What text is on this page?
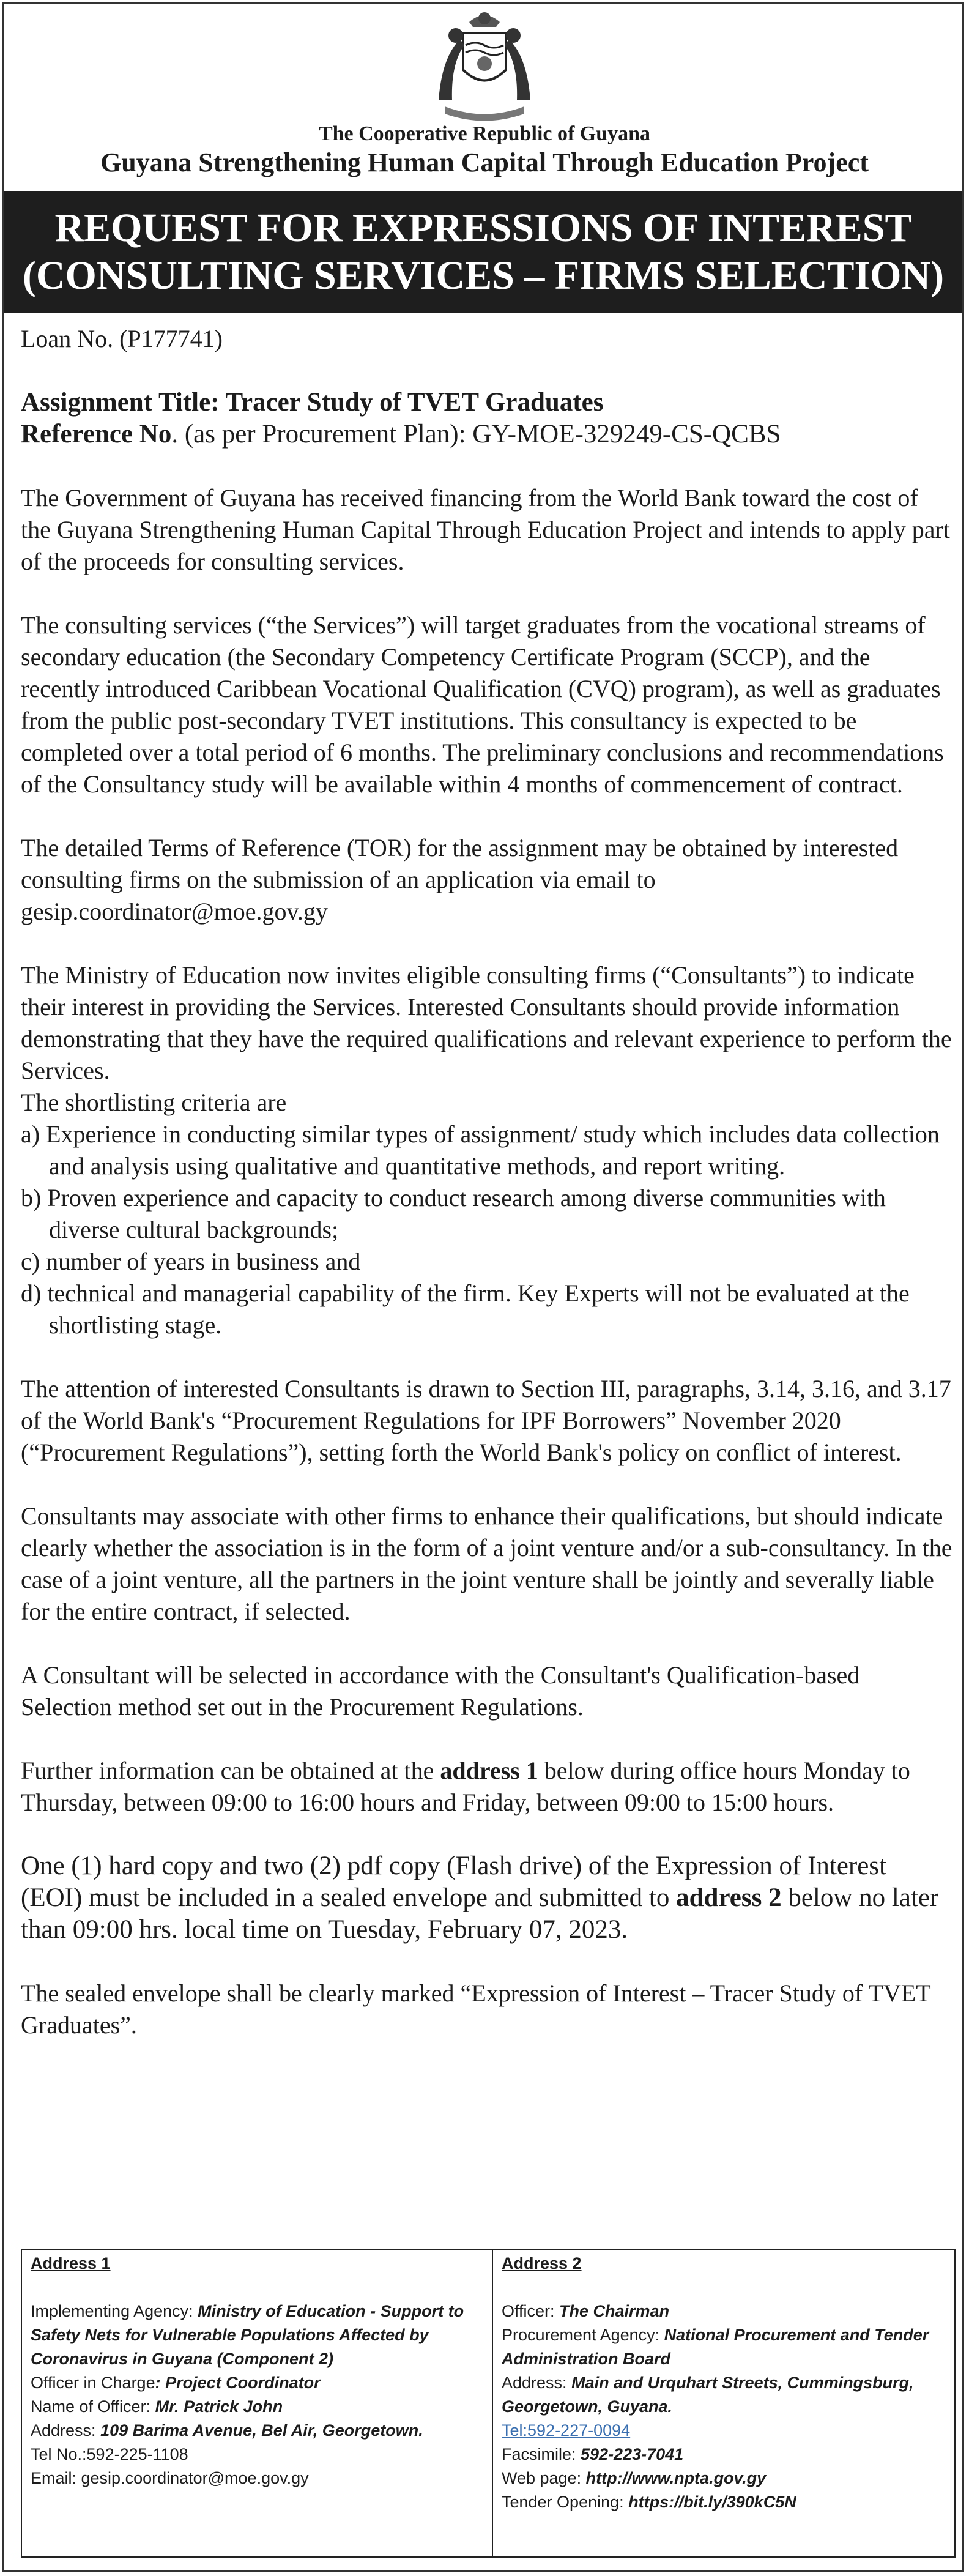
The Cooperative Republic of Guyana
Guyana Strengthening Human Capital Through Education Project
REQUEST FOR EXPRESSIONS OF INTEREST
(CONSULTING SERVICES – FIRMS SELECTION)

Loan No. (P177741)

Assignment Title: Tracer Study of TVET Graduates

Reference No. (as per Procurement Plan): GY-MOE-329249-CS-QCBS

The Government of Guyana has received financing from the World Bank toward the cost of the Guyana Strengthening Human Capital Through Education Project and intends to apply part of the proceeds for consulting services.

The consulting services (“the Services”) will target graduates from the vocational streams of secondary education (the Secondary Competency Certificate Program (SCCP), and the recently introduced Caribbean Vocational Qualification (CVQ) program), as well as graduates from the public post-secondary TVET institutions. This consultancy is expected to be completed over a total period of 6 months. The preliminary conclusions and recommendations of the Consultancy study will be available within 4 months of commencement of contract.

The detailed Terms of Reference (TOR) for the assignment may be obtained by interested consulting firms on the submission of an application via email to gesip.coordinator@moe.gov.gy

The Ministry of Education now invites eligible consulting firms (“Consultants”) to indicate their interest in providing the Services. Interested Consultants should provide information demonstrating that they have the required qualifications and relevant experience to perform the Services.

The shortlisting criteria are

a) Experience in conducting similar types of assignment/ study which includes data collection and analysis using qualitative and quantitative methods, and report writing.

b) Proven experience and capacity to conduct research among diverse communities with diverse cultural backgrounds;

c) number of years in business and

d) technical and managerial capability of the firm. Key Experts will not be evaluated at the shortlisting stage.

The attention of interested Consultants is drawn to Section III, paragraphs, 3.14, 3.16, and 3.17 of the World Bank's “Procurement Regulations for IPF Borrowers” November 2020 (“Procurement Regulations”), setting forth the World Bank's policy on conflict of interest.

Consultants may associate with other firms to enhance their qualifications, but should indicate clearly whether the association is in the form of a joint venture and/or a sub-consultancy. In the case of a joint venture, all the partners in the joint venture shall be jointly and severally liable for the entire contract, if selected.

A Consultant will be selected in accordance with the Consultant's Qualification-based Selection method set out in the Procurement Regulations.

Further information can be obtained at the address 1 below during office hours Monday to Thursday, between 09:00 to 16:00 hours and Friday, between 09:00 to 15:00 hours.

One (1) hard copy and two (2) pdf copy (Flash drive) of the Expression of Interest (EOI) must be included in a sealed envelope and submitted to address 2 below no later than 09:00 hrs. local time on Tuesday, February 07, 2023.

The sealed envelope shall be clearly marked “Expression of Interest – Tracer Study of TVET Graduates”.

Address 1
Implementing Agency: Ministry of Education - Support to Safety Nets for Vulnerable Populations Affected by Coronavirus in Guyana (Component 2)
Officer in Charge: Project Coordinator
Name of Officer: Mr. Patrick John
Address: 109 Barima Avenue, Bel Air, Georgetown.
Tel No.:592-225-1108
Email: gesip.coordinator@moe.gov.gy
Address 2
Officer: The Chairman
Procurement Agency: National Procurement and Tender Administration Board
Address: Main and Urquhart Streets, Cummingsburg, Georgetown, Guyana.
Tel:592-227-0094
Facsimile: 592-223-7041
Web page: http://www.npta.gov.gy
Tender Opening: https://bit.ly/390kC5N
